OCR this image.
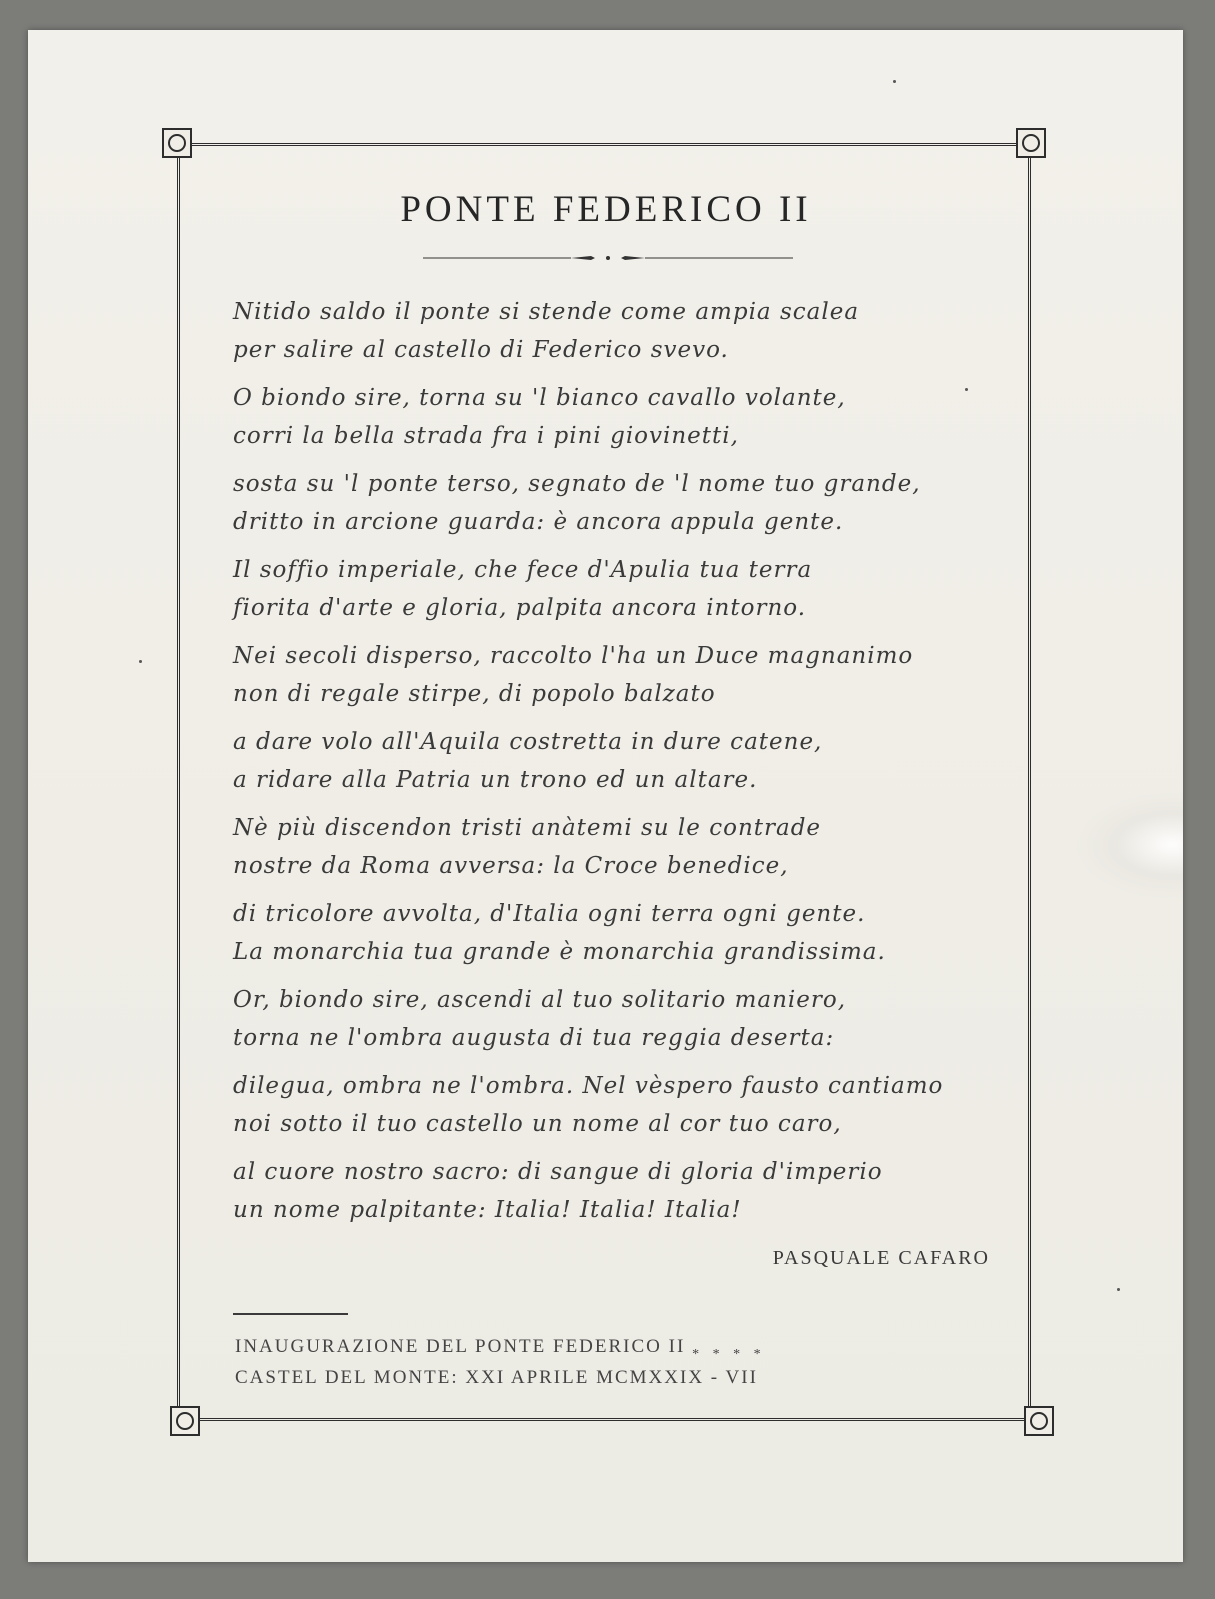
PONTE FEDERICO II
Nitido saldo il ponte si stende come ampia scalea
per salire al castello di Federico svevo.
O biondo sire, torna su 'l bianco cavallo volante,
corri la bella strada fra i pini giovinetti,
sosta su 'l ponte terso, segnato de 'l nome tuo grande,
dritto in arcione guarda: è ancora appula gente.
Il soffio imperiale, che fece d'Apulia tua terra
fiorita d'arte e gloria, palpita ancora intorno.
Nei secoli disperso, raccolto l'ha un Duce magnanimo
non di regale stirpe, di popolo balzato
a dare volo all'Aquila costretta in dure catene,
a ridare alla Patria un trono ed un altare.
Nè più discendon tristi anàtemi su le contrade
nostre da Roma avversa: la Croce benedice,
di tricolore avvolta, d'Italia ogni terra ogni gente.
La monarchia tua grande è monarchia grandissima.
Or, biondo sire, ascendi al tuo solitario maniero,
torna ne l'ombra augusta di tua reggia deserta:
dilegua, ombra ne l'ombra. Nel vèspero fausto cantiamo
noi sotto il tuo castello un nome al cor tuo caro,
al cuore nostro sacro: di sangue di gloria d'imperio
un nome palpitante: Italia! Italia! Italia!
PASQUALE CAFARO
INAUGURAZIONE DEL PONTE FEDERICO II $_{* * * *}$
CASTEL DEL MONTE: XXI APRILE MCMXXIX - VII
